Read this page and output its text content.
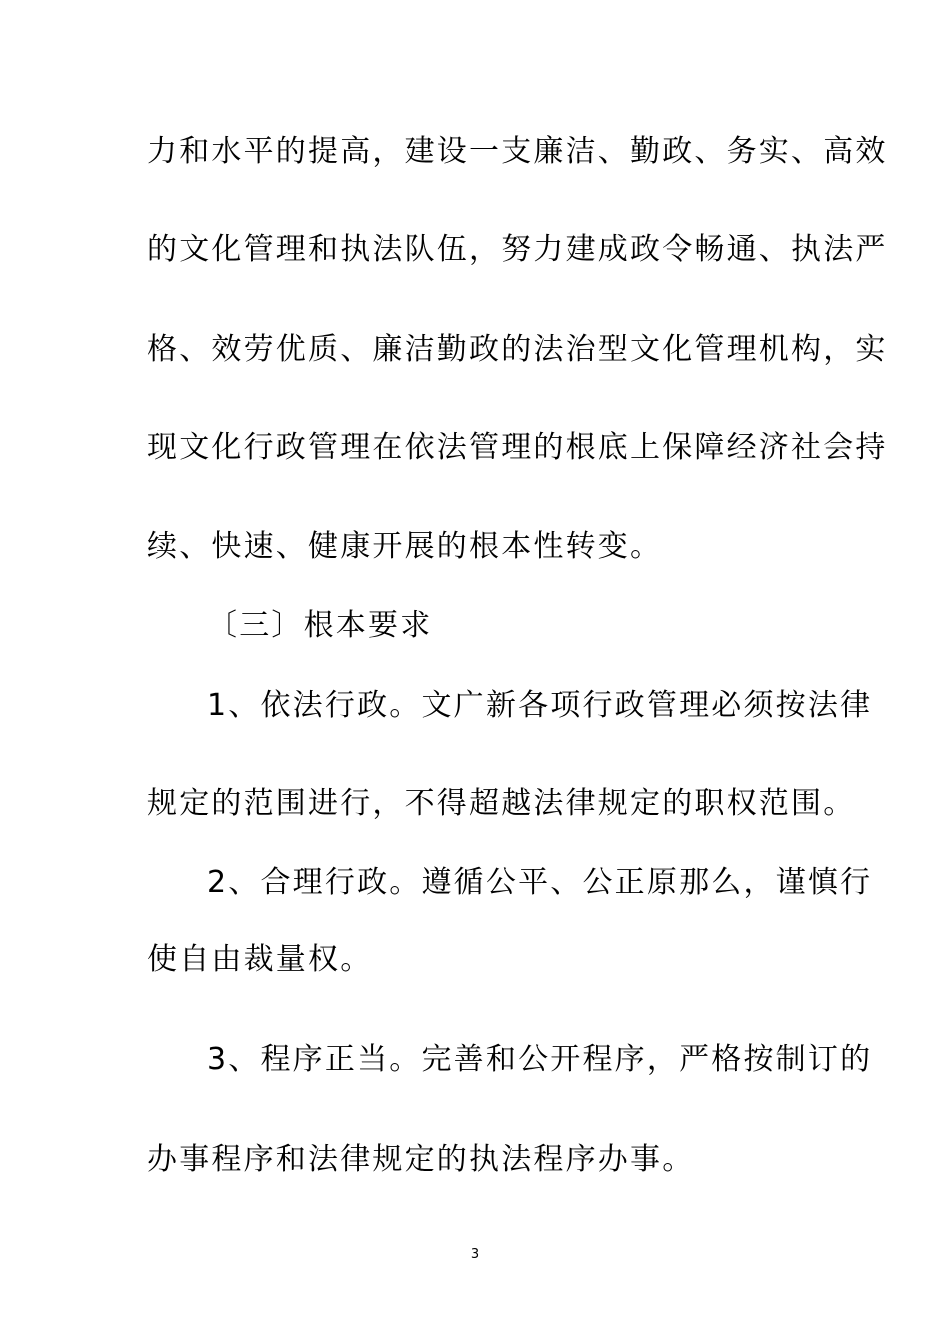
力和水平的提高，建设一支廉洁、勤政、务实、高效
的文化管理和执法队伍，努力建成政令畅通、执法严
格、效劳优质、廉洁勤政的法治型文化管理机构，实
现文化行政管理在依法管理的根底上保障经济社会持
续、快速、健康开展的根本性转变。
〔三〕根本要求
1、依法行政。文广新各项行政管理必须按法律
规定的范围进行，不得超越法律规定的职权范围。
2、合理行政。遵循公平、公正原那么，谨慎行
使自由裁量权。
3、程序正当。完善和公开程序，严格按制订的
办事程序和法律规定的执法程序办事。
3
